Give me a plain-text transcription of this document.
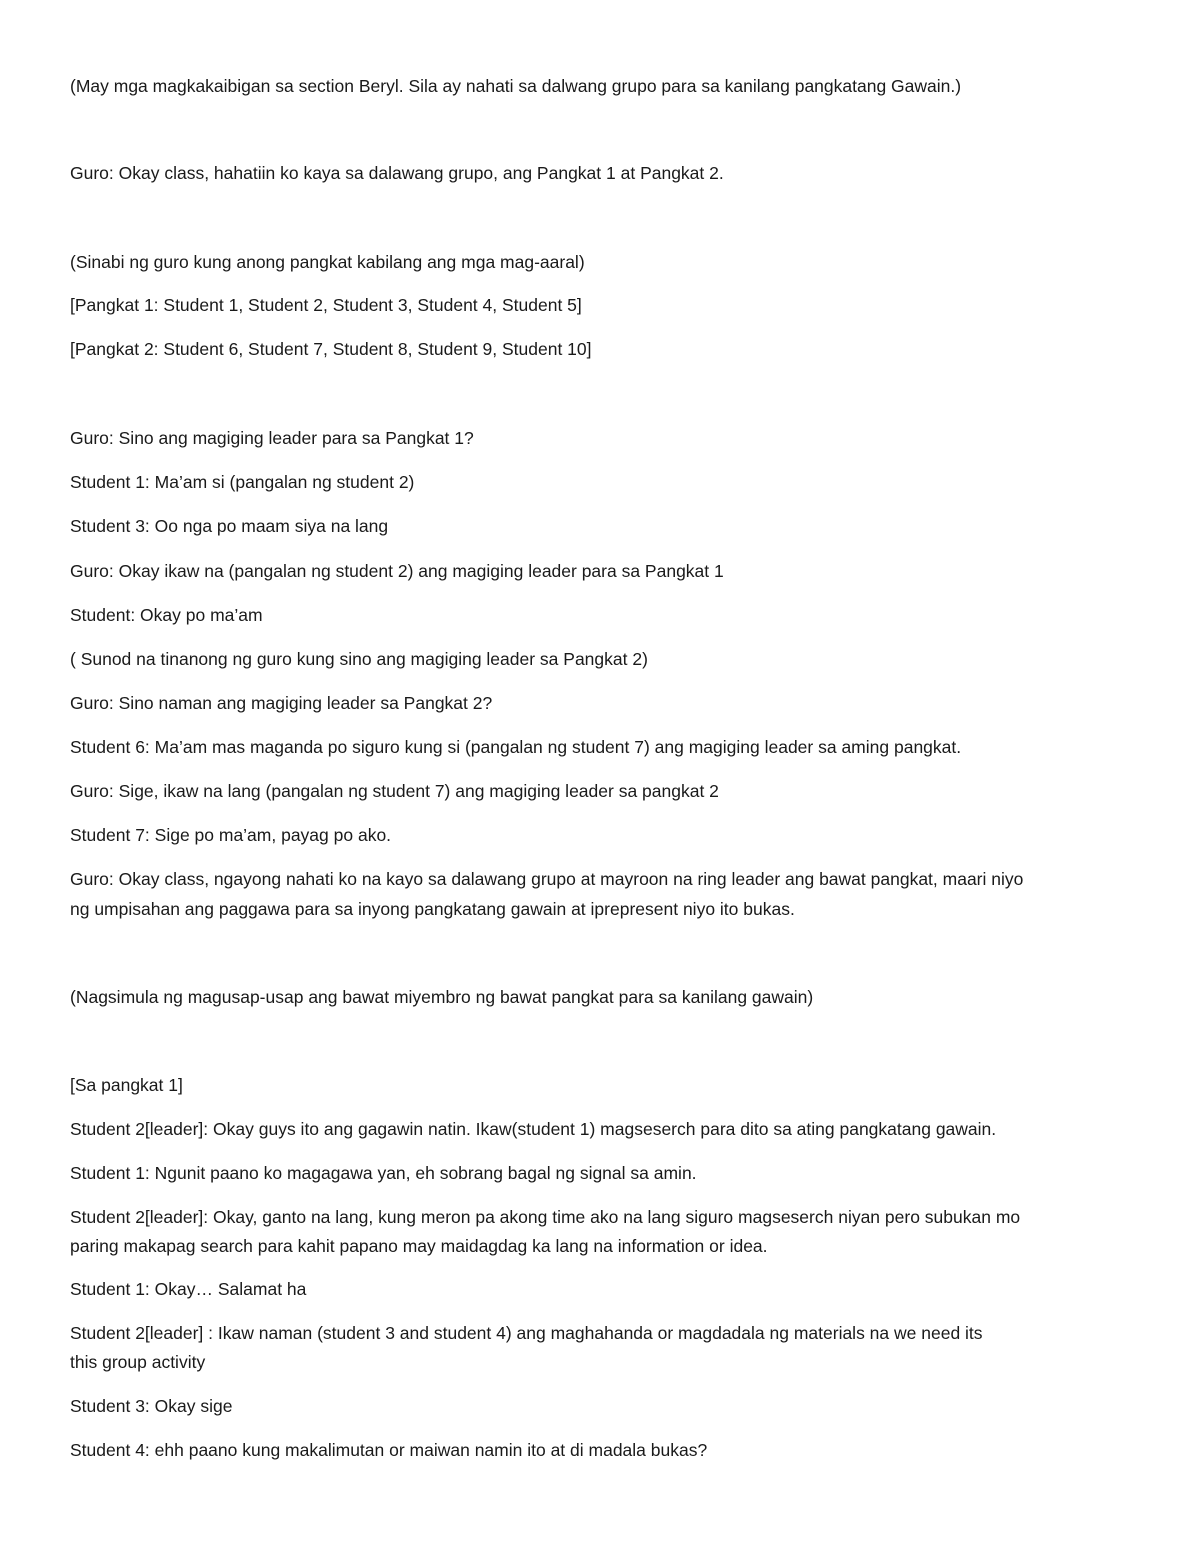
(May mga magkakaibigan sa section Beryl. Sila ay nahati sa dalwang grupo para sa kanilang pangkatang Gawain.)
Guro: Okay class, hahatiin ko kaya sa dalawang grupo, ang Pangkat 1 at Pangkat 2.
(Sinabi ng guro kung anong pangkat kabilang ang mga mag-aaral)
[Pangkat 1: Student 1, Student 2, Student 3, Student 4, Student 5]
[Pangkat 2: Student 6, Student 7, Student 8, Student 9, Student 10]
Guro: Sino ang magiging leader para sa Pangkat 1?
Student 1: Ma’am si (pangalan ng student 2)
Student 3: Oo nga po maam siya na lang
Guro: Okay ikaw na (pangalan ng student 2) ang magiging leader para sa Pangkat 1
Student: Okay po ma’am
( Sunod na tinanong ng guro kung sino ang magiging leader sa Pangkat 2)
Guro: Sino naman ang magiging leader sa Pangkat 2?
Student 6: Ma’am mas maganda po siguro kung si (pangalan ng student 7) ang magiging leader sa aming pangkat.
Guro: Sige, ikaw na lang (pangalan ng student 7) ang magiging leader sa pangkat 2
Student 7: Sige po ma’am, payag po ako.
Guro: Okay class, ngayong nahati ko na kayo sa dalawang grupo at mayroon na ring leader ang bawat pangkat, maari niyo
ng umpisahan ang paggawa para sa inyong pangkatang gawain at iprepresent niyo ito bukas.
(Nagsimula ng magusap-usap ang bawat miyembro ng bawat pangkat para sa kanilang gawain)
[Sa pangkat 1]
Student 2[leader]: Okay guys ito ang gagawin natin. Ikaw(student 1) magseserch para dito sa ating pangkatang gawain.
Student 1: Ngunit paano ko magagawa yan, eh sobrang bagal ng signal sa amin.
Student 2[leader]: Okay, ganto na lang, kung meron pa akong time ako na lang siguro magseserch niyan pero subukan mo
paring makapag search para kahit papano may maidagdag ka lang na information or idea.
Student 1: Okay… Salamat ha
Student 2[leader] : Ikaw naman (student 3 and student 4) ang maghahanda or magdadala ng materials na we need its
this group activity
Student 3: Okay sige
Student 4: ehh paano kung makalimutan or maiwan namin ito at di madala bukas?
